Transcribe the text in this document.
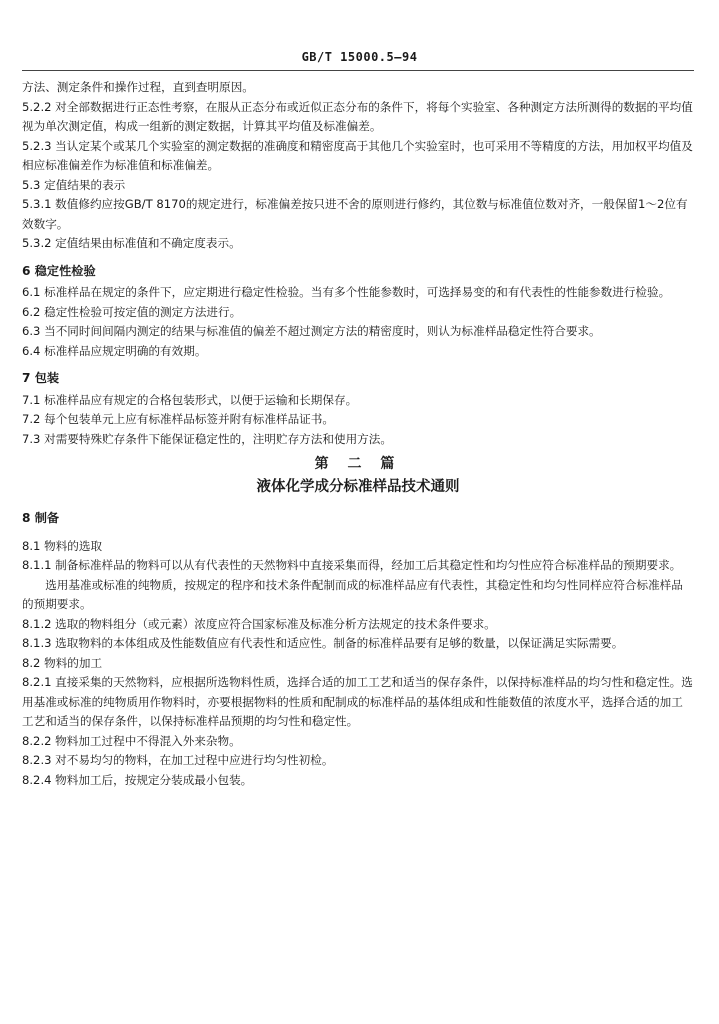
GB/T 15000.5—94

方法、测定条件和操作过程，直到查明原因。

5.2.2 对全部数据进行正态性考察，在服从正态分布或近似正态分布的条件下，将每个实验室、各种测定方法所测得的数据的平均值视为单次测定值，构成一组新的测定数据，计算其平均值及标准偏差。

5.2.3 当认定某个或某几个实验室的测定数据的准确度和精密度高于其他几个实验室时，也可采用不等精度的方法，用加权平均值及相应标准偏差作为标准值和标准偏差。

5.3 定值结果的表示

5.3.1 数值修约应按GB/T 8170的规定进行，标准偏差按只进不舍的原则进行修约，其位数与标准值位数对齐，一般保留1～2位有效数字。

5.3.2 定值结果由标准值和不确定度表示。

6 稳定性检验

6.1 标准样品在规定的条件下，应定期进行稳定性检验。当有多个性能参数时，可选择易变的和有代表性的性能参数进行检验。

6.2 稳定性检验可按定值的测定方法进行。

6.3 当不同时间间隔内测定的结果与标准值的偏差不超过测定方法的精密度时，则认为标准样品稳定性符合要求。

6.4 标准样品应规定明确的有效期。

7 包装

7.1 标准样品应有规定的合格包装形式，以便于运输和长期保存。

7.2 每个包装单元上应有标准样品标签并附有标准样品证书。

7.3 对需要特殊贮存条件下能保证稳定性的，注明贮存方法和使用方法。

第 二 篇

液体化学成分标准样品技术通则

8 制备

8.1 物料的选取

8.1.1 制备标准样品的物料可以从有代表性的天然物料中直接采集而得，经加工后其稳定性和均匀性应符合标准样品的预期要求。

选用基准或标准的纯物质，按规定的程序和技术条件配制而成的标准样品应有代表性，其稳定性和均匀性同样应符合标准样品的预期要求。

8.1.2 选取的物料组分（或元素）浓度应符合国家标准及标准分析方法规定的技术条件要求。

8.1.3 选取物料的本体组成及性能数值应有代表性和适应性。制备的标准样品要有足够的数量，以保证满足实际需要。

8.2 物料的加工

8.2.1 直接采集的天然物料，应根据所选物料性质，选择合适的加工工艺和适当的保存条件，以保持标准样品的均匀性和稳定性。选用基准或标准的纯物质用作物料时，亦要根据物料的性质和配制成的标准样品的基体组成和性能数值的浓度水平，选择合适的加工工艺和适当的保存条件，以保持标准样品预期的均匀性和稳定性。

8.2.2 物料加工过程中不得混入外来杂物。

8.2.3 对不易均匀的物料，在加工过程中应进行均匀性初检。

8.2.4 物料加工后，按规定分装成最小包装。
